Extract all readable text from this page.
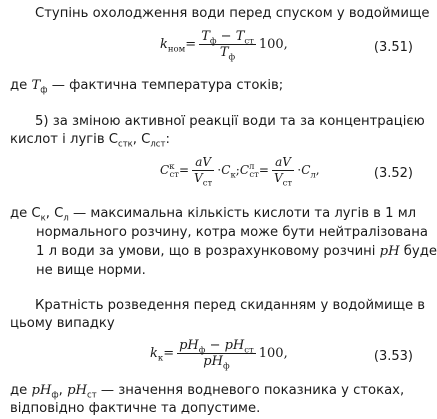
Ступінь охолодження води перед спуском у водоймище
$k_{ном}= \frac{T_ф - T_{ст}}{T_ф} 100$,	(3.51)
де $T_ф$ — фактична температура стоків;
5) за зміною активної реакції води та за концентрацією
кислот і лугів $C_{стк}$, $C_{лст}$:
$C^к_{ст}= \frac{aV}{V_{ст}}$ $\cdot C_к;C^л_{ст}= \frac{aV}{V_{ст}} \cdot C_л$,	(3.52)
де $C_к$, $C_л$ — максимальна кількість кислоти та лугів в 1 мл
нормального розчину, котра може бути нейтралізована
1 л води за умови, що в розрахунковому розчині pH буде
не вище норми.
Кратність розведення перед скиданням у водоймище в
цьому випадку
$k_к= \frac{pH_ф - pH_{ст}}{pH_ф} 100$,	(3.53)
де $pH_ф$, $pH_{ст}$ — значення водневого показника у стоках,
відповідно фактичне та допустиме.
